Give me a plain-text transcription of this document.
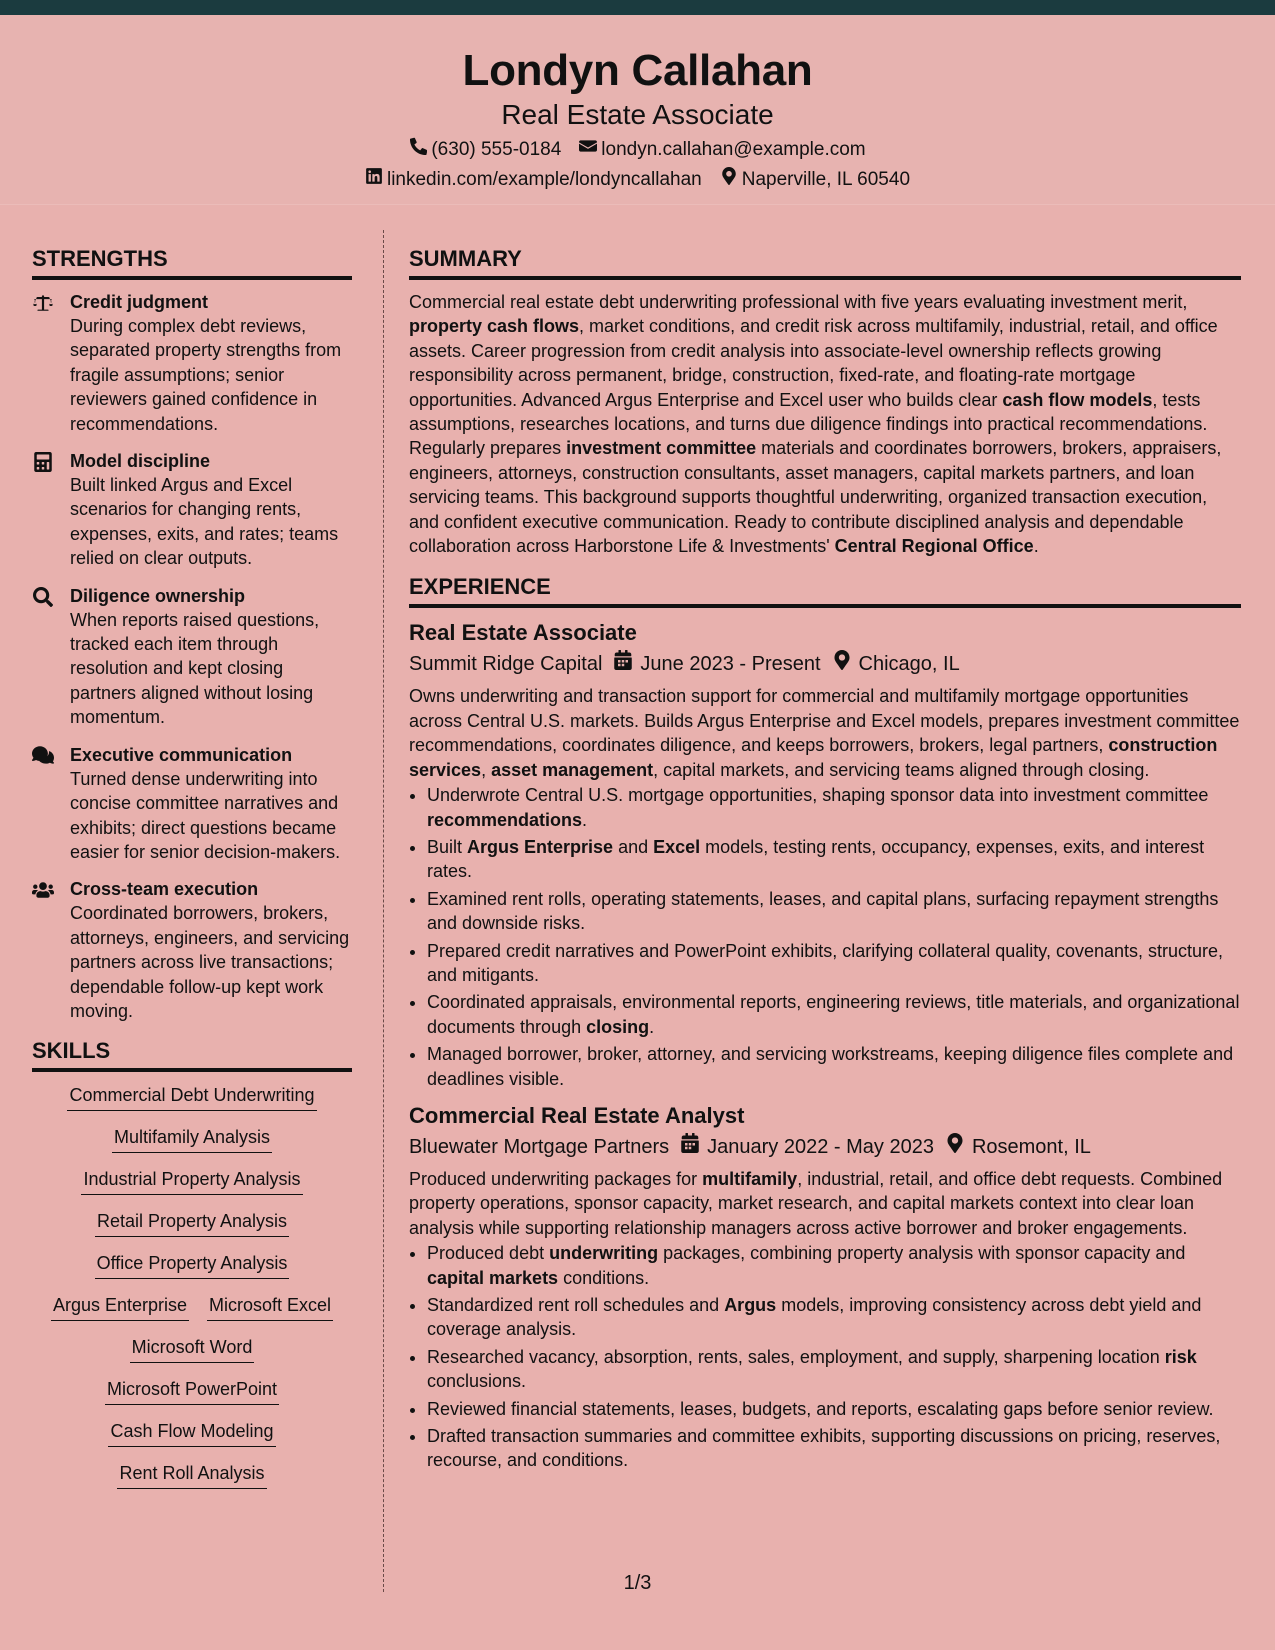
Londyn Callahan
Real Estate Associate
(630) 555-0184 londyn.callahan@example.com
linkedin.com/example/londyncallahan Naperville, IL 60540
STRENGTHS
Credit judgment
During complex debt reviews, separated property strengths from fragile assumptions; senior reviewers gained confidence in recommendations.
Model discipline
Built linked Argus and Excel scenarios for changing rents, expenses, exits, and rates; teams relied on clear outputs.
Diligence ownership
When reports raised questions, tracked each item through resolution and kept closing partners aligned without losing momentum.
Executive communication
Turned dense underwriting into concise committee narratives and exhibits; direct questions became easier for senior decision-makers.
Cross-team execution
Coordinated borrowers, brokers, attorneys, engineers, and servicing partners across live transactions; dependable follow-up kept work moving.
SKILLS
Commercial Debt Underwriting
Multifamily Analysis
Industrial Property Analysis
Retail Property Analysis
Office Property Analysis
Argus Enterprise Microsoft Excel
Microsoft Word
Microsoft PowerPoint
Cash Flow Modeling
Rent Roll Analysis
SUMMARY

Commercial real estate debt underwriting professional with five years evaluating investment merit, property cash flows, market conditions, and credit risk across multifamily, industrial, retail, and office assets. Career progression from credit analysis into associate-level ownership reflects growing responsibility across permanent, bridge, construction, fixed-rate, and floating-rate mortgage opportunities. Advanced Argus Enterprise and Excel user who builds clear cash flow models, tests assumptions, researches locations, and turns due diligence findings into practical recommendations. Regularly prepares investment committee materials and coordinates borrowers, brokers, appraisers, engineers, attorneys, construction consultants, asset managers, capital markets partners, and loan servicing teams. This background supports thoughtful underwriting, organized transaction execution, and confident executive communication. Ready to contribute disciplined analysis and dependable collaboration across Harborstone Life & Investments' Central Regional Office.

EXPERIENCE
Real Estate Associate
Summit Ridge Capital June 2023 - Present Chicago, IL

Owns underwriting and transaction support for commercial and multifamily mortgage opportunities across Central U.S. markets. Builds Argus Enterprise and Excel models, prepares investment committee recommendations, coordinates diligence, and keeps borrowers, brokers, legal partners, construction services, asset management, capital markets, and servicing teams aligned through closing.

• Underwrote Central U.S. mortgage opportunities, shaping sponsor data into investment committee recommendations.
• Built Argus Enterprise and Excel models, testing rents, occupancy, expenses, exits, and interest rates.
• Examined rent rolls, operating statements, leases, and capital plans, surfacing repayment strengths and downside risks.
• Prepared credit narratives and PowerPoint exhibits, clarifying collateral quality, covenants, structure, and mitigants.
• Coordinated appraisals, environmental reports, engineering reviews, title materials, and organizational documents through closing.
• Managed borrower, broker, attorney, and servicing workstreams, keeping diligence files complete and deadlines visible.
Commercial Real Estate Analyst
Bluewater Mortgage Partners January 2022 - May 2023 Rosemont, IL

Produced underwriting packages for multifamily, industrial, retail, and office debt requests. Combined property operations, sponsor capacity, market research, and capital markets context into clear loan analysis while supporting relationship managers across active borrower and broker engagements.

• Produced debt underwriting packages, combining property analysis with sponsor capacity and capital markets conditions.
• Standardized rent roll schedules and Argus models, improving consistency across debt yield and coverage analysis.
• Researched vacancy, absorption, rents, sales, employment, and supply, sharpening location risk conclusions.
• Reviewed financial statements, leases, budgets, and reports, escalating gaps before senior review.
• Drafted transaction summaries and committee exhibits, supporting discussions on pricing, reserves, recourse, and conditions.
1/3
